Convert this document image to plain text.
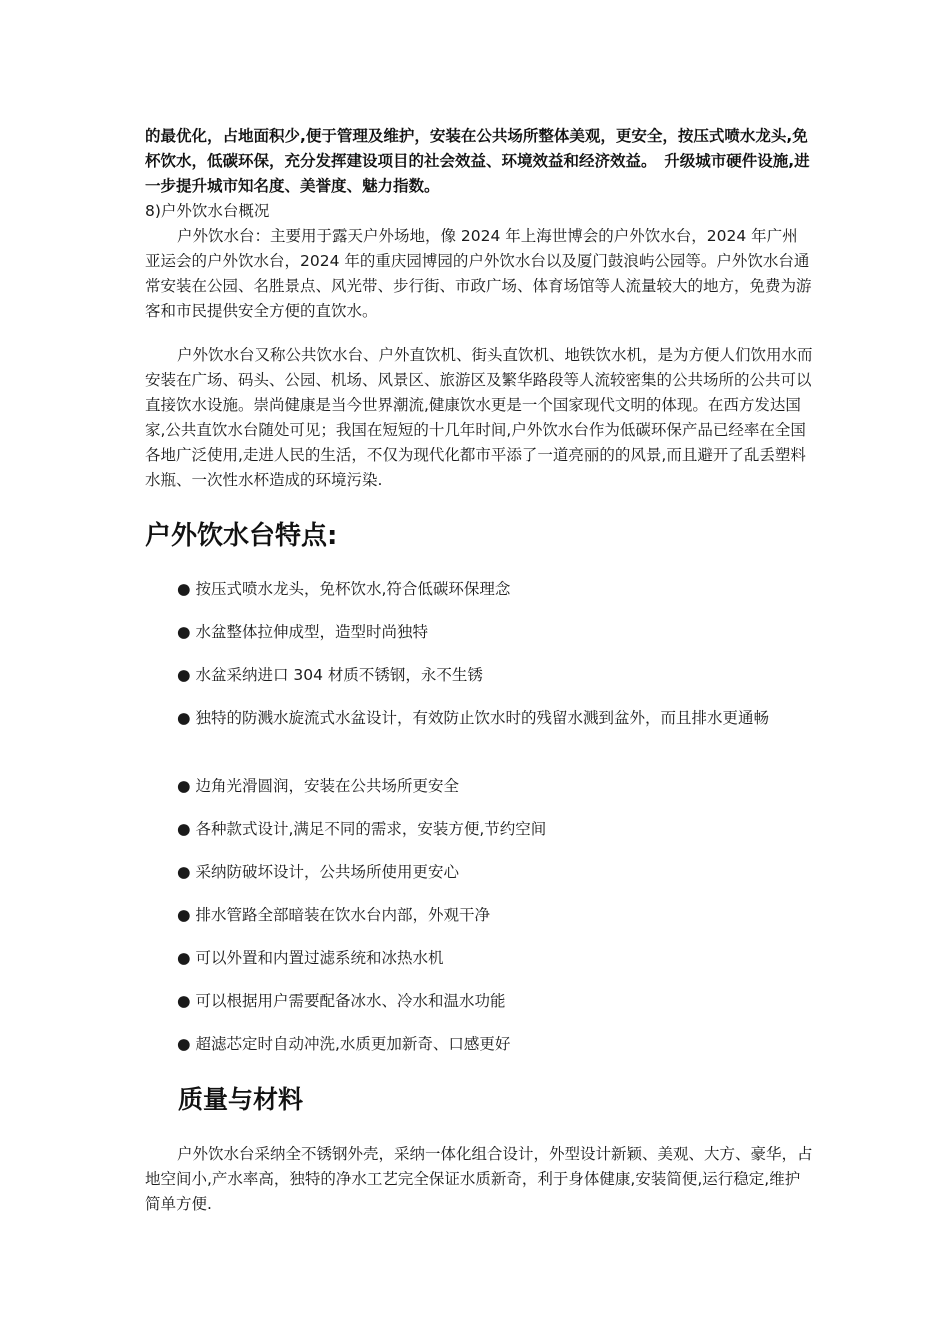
的最优化，占地面积少,便于管理及维护，安装在公共场所整体美观，更安全，按压式喷水龙头,免杯饮水，低碳环保，充分发挥建设项目的社会效益、环境效益和经济效益。　升级城市硬件设施,进一步提升城市知名度、美誉度、魅力指数。

8)户外饮水台概况

户外饮水台：主要用于露天户外场地，像 2024 年上海世博会的户外饮水台，2024 年广州亚运会的户外饮水台，2024 年的重庆园博园的户外饮水台以及厦门鼓浪屿公园等。户外饮水台通常安装在公园、名胜景点、风光带、步行街、市政广场、体育场馆等人流量较大的地方，免费为游客和市民提供安全方便的直饮水。

户外饮水台又称公共饮水台、户外直饮机、街头直饮机、地铁饮水机，是为方便人们饮用水而安装在广场、码头、公园、机场、风景区、旅游区及繁华路段等人流较密集的公共场所的公共可以直接饮水设施。崇尚健康是当今世界潮流,健康饮水更是一个国家现代文明的体现。在西方发达国家,公共直饮水台随处可见；我国在短短的十几年时间,户外饮水台作为低碳环保产品已经率在全国各地广泛使用,走进人民的生活，不仅为现代化都市平添了一道亮丽的的风景,而且避开了乱丢塑料水瓶、一次性水杯造成的环境污染.

户外饮水台特点:

● 按压式喷水龙头，免杯饮水,符合低碳环保理念

● 水盆整体拉伸成型，造型时尚独特

● 水盆采纳进口 304 材质不锈钢，永不生锈

● 独特的防溅水旋流式水盆设计，有效防止饮水时的残留水溅到盆外，而且排水更通畅

● 边角光滑圆润，安装在公共场所更安全

● 各种款式设计,满足不同的需求，安装方便,节约空间

● 采纳防破坏设计，公共场所使用更安心

● 排水管路全部暗装在饮水台内部，外观干净

● 可以外置和内置过滤系统和冰热水机

● 可以根据用户需要配备冰水、冷水和温水功能

● 超滤芯定时自动冲洗,水质更加新奇、口感更好

质量与材料

户外饮水台采纳全不锈钢外壳，采纳一体化组合设计，外型设计新颖、美观、大方、豪华，占地空间小,产水率高，独特的净水工艺完全保证水质新奇，利于身体健康,安装简便,运行稳定,维护简单方便.
